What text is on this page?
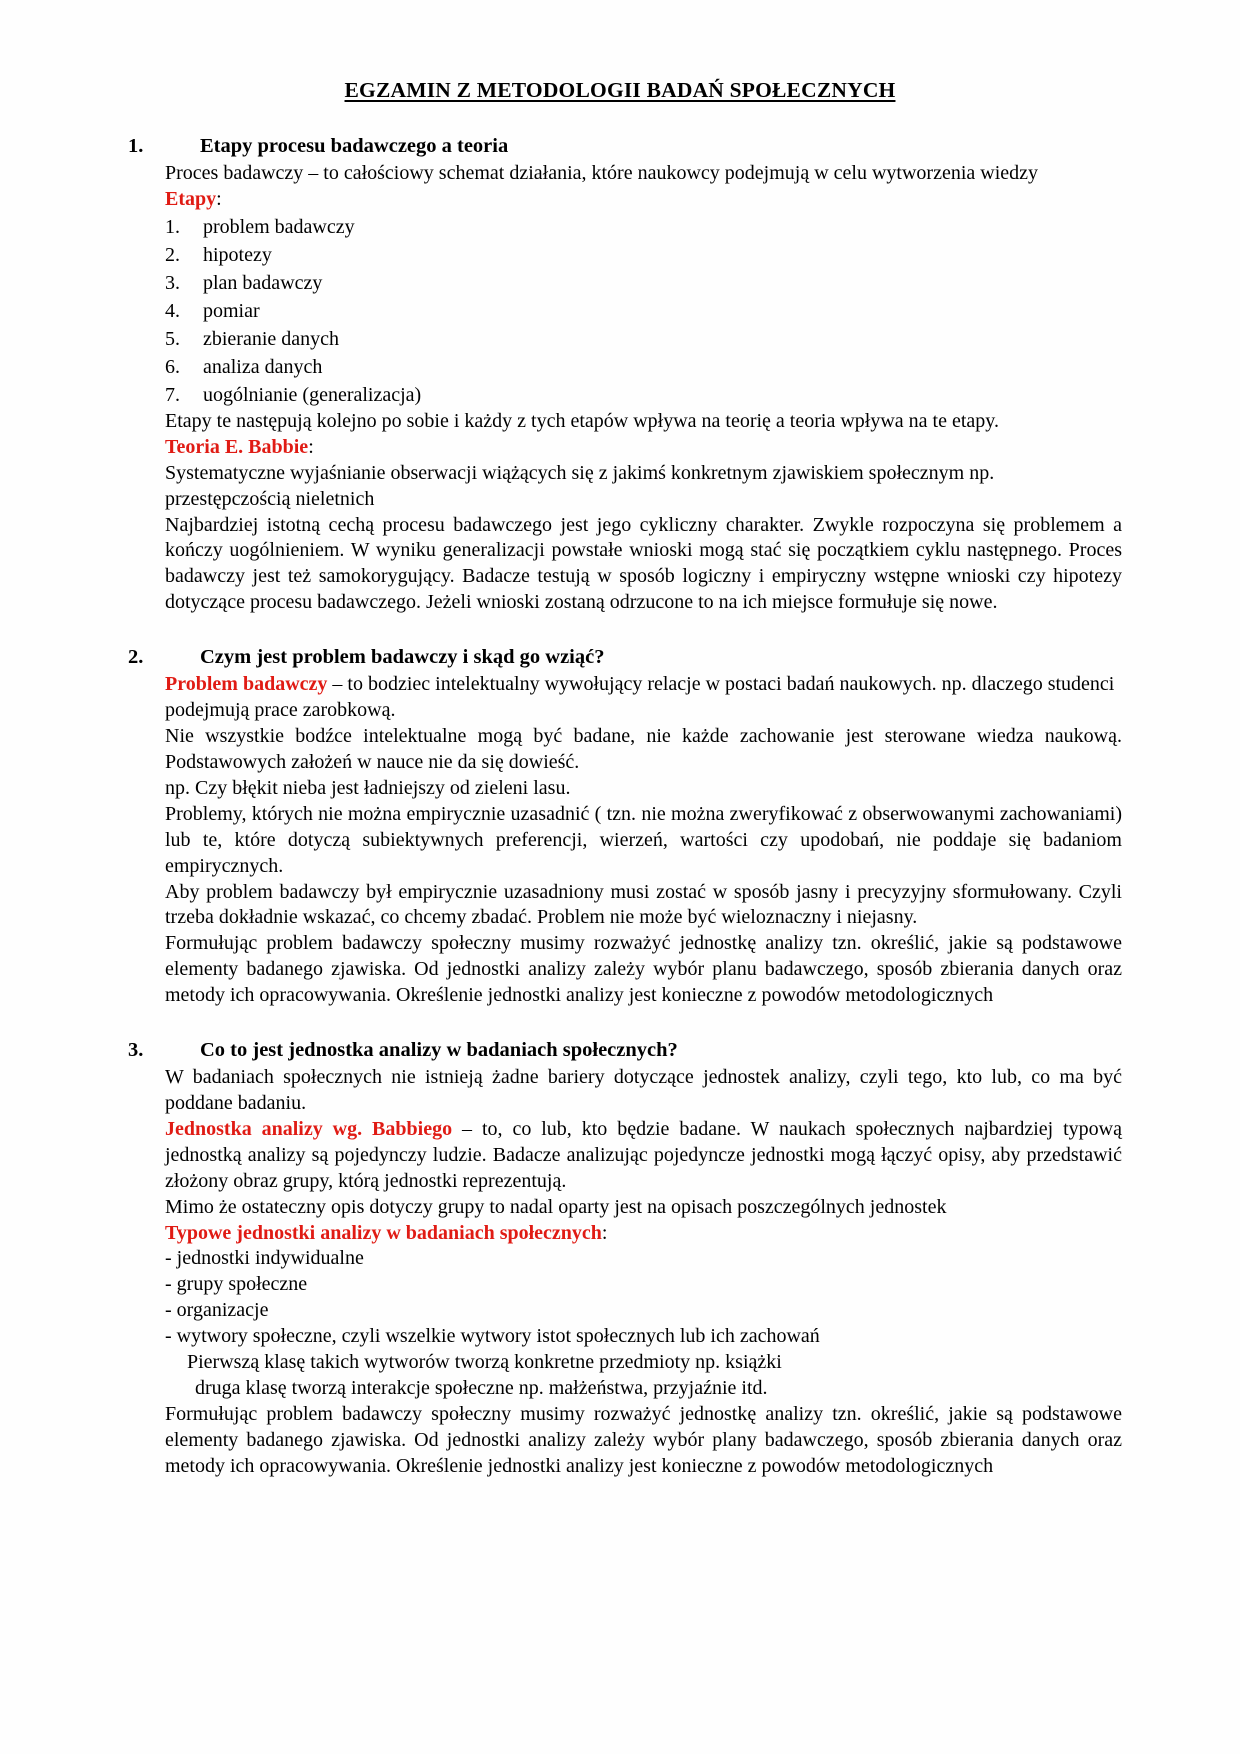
EGZAMIN Z METODOLOGII BADAŃ SPOŁECZNYCH
1.	Etapy procesu badawczego a teoria

Proces badawczy – to całościowy schemat działania, które naukowcy podejmują w celu wytworzenia wiedzy

Etapy:

1. problem badawczy
2. hipotezy
3. plan badawczy
4. pomiar
5. zbieranie danych
6. analiza danych
7. uogólnianie (generalizacja)

Etapy te następują kolejno po sobie i każdy z tych etapów wpływa na teorię a teoria wpływa na te etapy.

Teoria E. Babbie:

Systematyczne wyjaśnianie obserwacji wiążących się z jakimś konkretnym zjawiskiem społecznym np. przestępczością nieletnich

Najbardziej istotną cechą procesu badawczego jest jego cykliczny charakter. Zwykle rozpoczyna się problemem a kończy uogólnieniem. W wyniku generalizacji powstałe wnioski mogą stać się początkiem cyklu następnego. Proces badawczy jest też samokorygujący. Badacze testują w sposób logiczny i empiryczny wstępne wnioski czy hipotezy dotyczące procesu badawczego. Jeżeli wnioski zostaną odrzucone to na ich miejsce formułuje się nowe.

2.	Czym jest problem badawczy i skąd go wziąć?

Problem badawczy – to bodziec intelektualny wywołujący relacje w postaci badań naukowych. np. dlaczego studenci podejmują prace zarobkową.

Nie wszystkie bodźce intelektualne mogą być badane, nie każde zachowanie jest sterowane wiedza naukową. Podstawowych założeń w nauce nie da się dowieść.

np. Czy błękit nieba jest ładniejszy od zieleni lasu.

Problemy, których nie można empirycznie uzasadnić ( tzn. nie można zweryfikować z obserwowanymi zachowaniami) lub te, które dotyczą subiektywnych preferencji, wierzeń, wartości czy upodobań, nie poddaje się badaniom empirycznych.

Aby problem badawczy był empirycznie uzasadniony musi zostać w sposób jasny i precyzyjny sformułowany. Czyli trzeba dokładnie wskazać, co chcemy zbadać. Problem nie może być wieloznaczny i niejasny.

Formułując problem badawczy społeczny musimy rozważyć jednostkę analizy tzn. określić, jakie są podstawowe elementy badanego zjawiska. Od jednostki analizy zależy wybór planu badawczego, sposób zbierania danych oraz metody ich opracowywania. Określenie jednostki analizy jest konieczne z powodów metodologicznych

3.	Co to jest jednostka analizy w badaniach społecznych?

W badaniach społecznych nie istnieją żadne bariery dotyczące jednostek analizy, czyli tego, kto lub, co ma być poddane badaniu.

Jednostka analizy wg. Babbiego – to, co lub, kto będzie badane. W naukach społecznych najbardziej typową jednostką analizy są pojedynczy ludzie. Badacze analizując pojedyncze jednostki mogą łączyć opisy, aby przedstawić złożony obraz grupy, którą jednostki reprezentują.

Mimo że ostateczny opis dotyczy grupy to nadal oparty jest na opisach poszczególnych jednostek

Typowe jednostki analizy w badaniach społecznych:

- jednostki indywidualne
- grupy społeczne
- organizacje
- wytwory społeczne, czyli wszelkie wytwory istot społecznych lub ich zachowań

Pierwszą klasę takich wytworów tworzą konkretne przedmioty np. książki

druga klasę tworzą interakcje społeczne np. małżeństwa, przyjaźnie itd.

Formułując problem badawczy społeczny musimy rozważyć jednostkę analizy tzn. określić, jakie są podstawowe elementy badanego zjawiska. Od jednostki analizy zależy wybór plany badawczego, sposób zbierania danych oraz metody ich opracowywania. Określenie jednostki analizy jest konieczne z powodów metodologicznych
